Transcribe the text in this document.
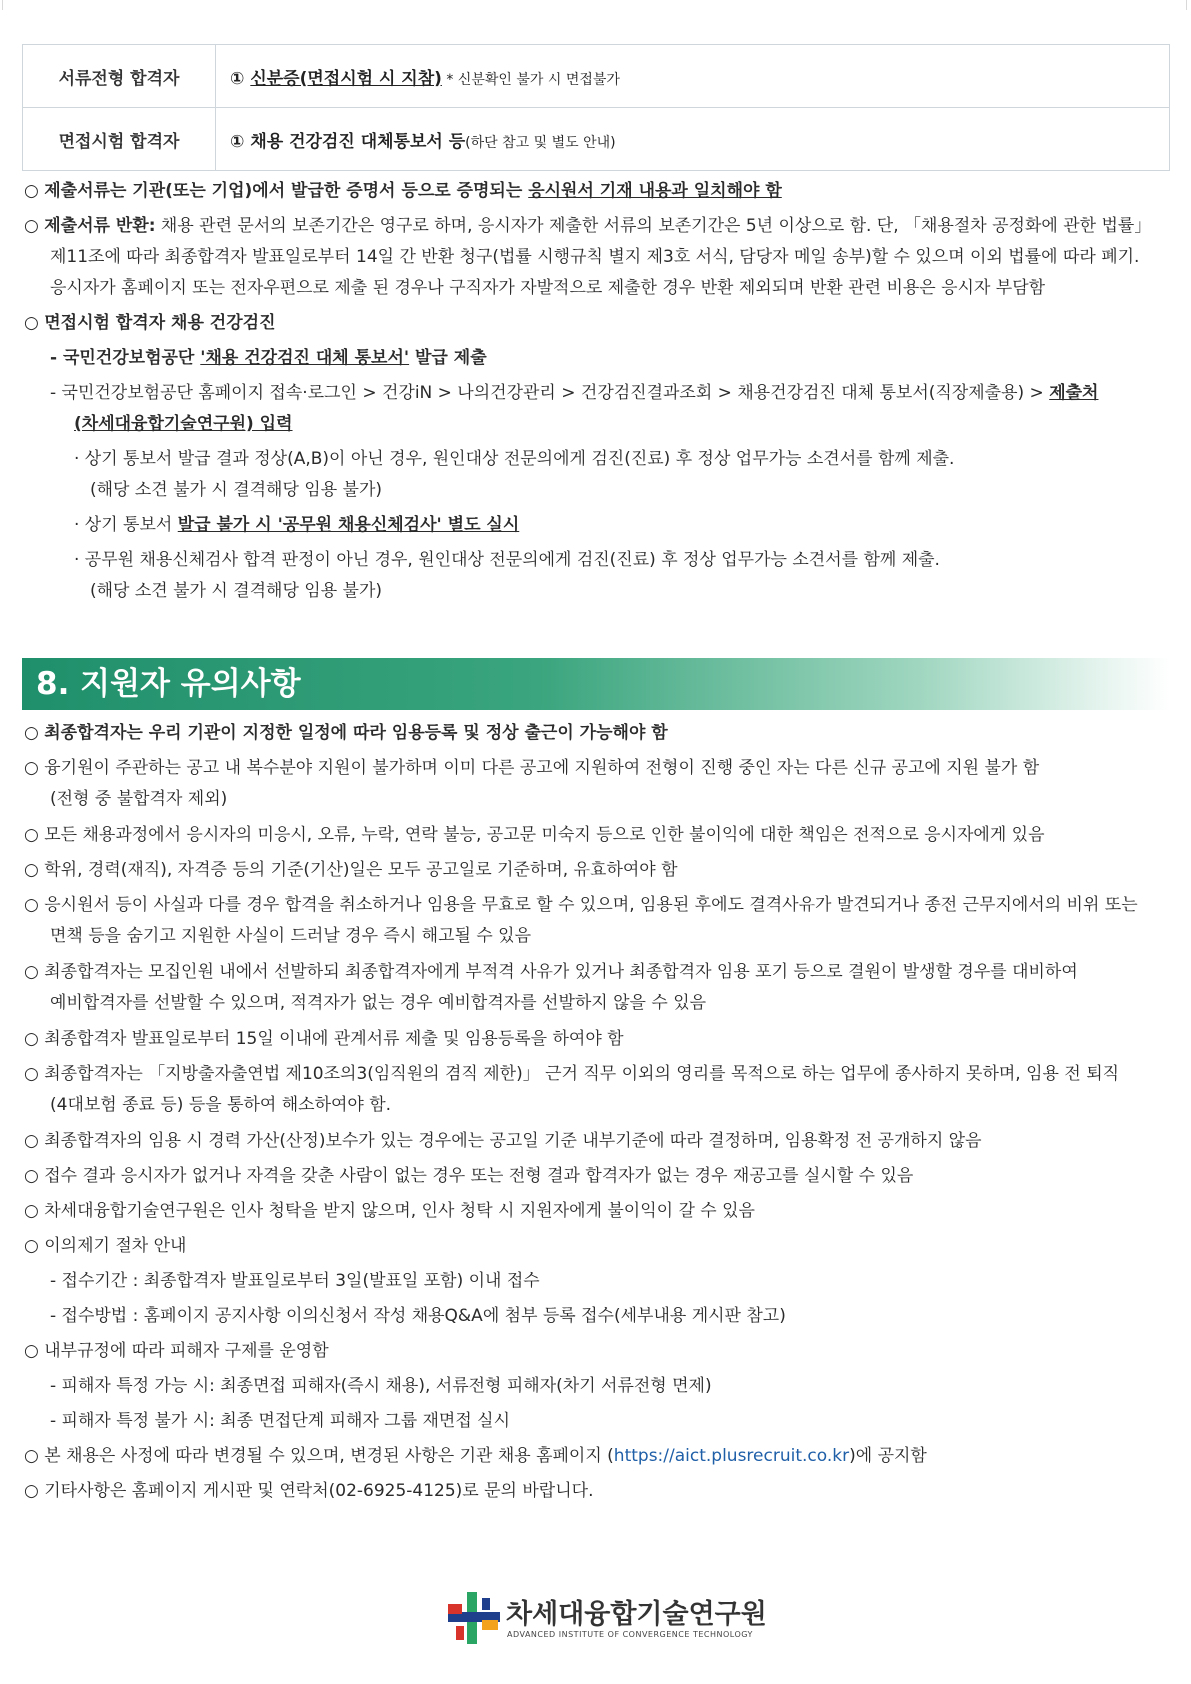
서류전형 합격자	① 신분증(면접시험 시 지참) * 신분확인 불가 시 면접불가
면접시험 합격자	① 채용 건강검진 대체통보서 등(하단 참고 및 별도 안내)
○ 제출서류는 기관(또는 기업)에서 발급한 증명서 등으로 증명되는 응시원서 기재 내용과 일치해야 함
○ 제출서류 반환: 채용 관련 문서의 보존기간은 영구로 하며, 응시자가 제출한 서류의 보존기간은 5년 이상으로 함. 단, 「채용절차 공정화에 관한 법률」
제11조에 따라 최종합격자 발표일로부터 14일 간 반환 청구(법률 시행규칙 별지 제3호 서식, 담당자 메일 송부)할 수 있으며 이외 법률에 따라 폐기.
응시자가 홈페이지 또는 전자우편으로 제출 된 경우나 구직자가 자발적으로 제출한 경우 반환 제외되며 반환 관련 비용은 응시자 부담함
○ 면접시험 합격자 채용 건강검진
- 국민건강보험공단 '채용 건강검진 대체 통보서' 발급 제출
- 국민건강보험공단 홈페이지 접속·로그인 > 건강iN > 나의건강관리 > 건강검진결과조회 > 채용건강검진 대체 통보서(직장제출용) > 제출처
(차세대융합기술연구원) 입력
· 상기 통보서 발급 결과 정상(A,B)이 아닌 경우, 원인대상 전문의에게 검진(진료) 후 정상 업무가능 소견서를 함께 제출.
(해당 소견 불가 시 결격해당 임용 불가)
· 상기 통보서 발급 불가 시 '공무원 채용신체검사' 별도 실시
· 공무원 채용신체검사 합격 판정이 아닌 경우, 원인대상 전문의에게 검진(진료) 후 정상 업무가능 소견서를 함께 제출.
(해당 소견 불가 시 결격해당 임용 불가)
8. 지원자 유의사항
○ 최종합격자는 우리 기관이 지정한 일정에 따라 임용등록 및 정상 출근이 가능해야 함
○ 융기원이 주관하는 공고 내 복수분야 지원이 불가하며 이미 다른 공고에 지원하여 전형이 진행 중인 자는 다른 신규 공고에 지원 불가 함
(전형 중 불합격자 제외)
○ 모든 채용과정에서 응시자의 미응시, 오류, 누락, 연락 불능, 공고문 미숙지 등으로 인한 불이익에 대한 책임은 전적으로 응시자에게 있음
○ 학위, 경력(재직), 자격증 등의 기준(기산)일은 모두 공고일로 기준하며, 유효하여야 함
○ 응시원서 등이 사실과 다를 경우 합격을 취소하거나 임용을 무효로 할 수 있으며, 임용된 후에도 결격사유가 발견되거나 종전 근무지에서의 비위 또는
면책 등을 숨기고 지원한 사실이 드러날 경우 즉시 해고될 수 있음
○ 최종합격자는 모집인원 내에서 선발하되 최종합격자에게 부적격 사유가 있거나 최종합격자 임용 포기 등으로 결원이 발생할 경우를 대비하여
예비합격자를 선발할 수 있으며, 적격자가 없는 경우 예비합격자를 선발하지 않을 수 있음
○ 최종합격자 발표일로부터 15일 이내에 관계서류 제출 및 임용등록을 하여야 함
○ 최종합격자는 「지방출자출연법 제10조의3(임직원의 겸직 제한)」 근거 직무 이외의 영리를 목적으로 하는 업무에 종사하지 못하며, 임용 전 퇴직
(4대보험 종료 등) 등을 통하여 해소하여야 함.
○ 최종합격자의 임용 시 경력 가산(산정)보수가 있는 경우에는 공고일 기준 내부기준에 따라 결정하며, 임용확정 전 공개하지 않음
○ 접수 결과 응시자가 없거나 자격을 갖춘 사람이 없는 경우 또는 전형 결과 합격자가 없는 경우 재공고를 실시할 수 있음
○ 차세대융합기술연구원은 인사 청탁을 받지 않으며, 인사 청탁 시 지원자에게 불이익이 갈 수 있음
○ 이의제기 절차 안내
- 접수기간 : 최종합격자 발표일로부터 3일(발표일 포함) 이내 접수
- 접수방법 : 홈페이지 공지사항 이의신청서 작성 채용Q&A에 첨부 등록 접수(세부내용 게시판 참고)
○ 내부규정에 따라 피해자 구제를 운영함
- 피해자 특정 가능 시: 최종면접 피해자(즉시 채용), 서류전형 피해자(차기 서류전형 면제)
- 피해자 특정 불가 시: 최종 면접단계 피해자 그룹 재면접 실시
○ 본 채용은 사정에 따라 변경될 수 있으며, 변경된 사항은 기관 채용 홈페이지 (https://aict.plusrecruit.co.kr)에 공지함
○ 기타사항은 홈페이지 게시판 및 연락처(02-6925-4125)로 문의 바랍니다.
차세대융합기술연구원
ADVANCED INSTITUTE OF CONVERGENCE TECHNOLOGY
